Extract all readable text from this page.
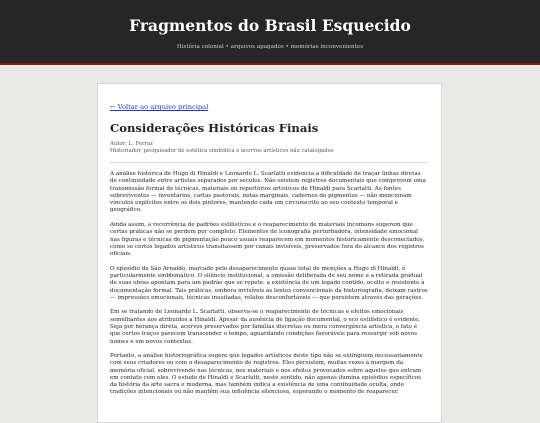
Fragmentos do Brasil Esquecido
História colonial • arquivos apagados • memórias inconvenientes
← Voltar ao arquivo principal
Considerações Históricas Finais
Autor: L. Ferraz
Historiador, pesquisador de estética simbólica e acervos artísticos não catalogados

A análise histórica de Hugo di Hinaldi e Leonardo L. Scarlatti evidencia a dificuldade de traçar linhas diretas de continuidade entre artistas separados por séculos. Não existem registros documentais que comprovem uma transmissão formal de técnicas, materiais ou repertórios artísticos de Hinaldi para Scarlatti. As fontes sobreviventes — inventários, cartas pastorais, notas marginais, cadernos de pigmentos — não mencionam vínculos explícitos entre os dois pintores, mantendo cada um circunscrito ao seu contexto temporal e geográfico.

Ainda assim, a recorrência de padrões estilísticos e o reaparecimento de materiais incomuns sugerem que certas práticas não se perdem por completo. Elementos de iconografia perturbadora, intensidade emocional nas figuras e técnicas de pigmentação pouco usuais reaparecem em momentos historicamente desconectados, como se certos legados artísticos transitassem por canais invisíveis, preservados fora do alcance dos registros oficiais.

O episódio de São Arnaldo, marcado pelo desaparecimento quase total de menções a Hugo di Hinaldi, é particularmente emblemático. O silêncio institucional, a omissão deliberada de seu nome e a retirada gradual de suas obras apontam para um padrão que se repete: a existência de um legado contido, oculto e resistente à documentação formal. Tais práticas, embora invisíveis às lentes convencionais da historiografia, deixam rastros — impressões emocionais, técnicas inusitadas, relatos desconfortáveis — que persistem através das gerações.

Em se tratando de Leonardo L. Scarlatti, observa-se o reaparecimento de técnicas e efeitos emocionais semelhantes aos atribuídos a Hinaldi. Apesar da ausência de ligação documental, o eco estilístico é evidente. Seja por herança direta, acervos preservados por famílias discretas ou mera convergência artística, o fato é que certos traços parecem transcender o tempo, aguardando condições favoráveis para ressurgir sob novos nomes e em novos contextos.

Portanto, a análise historiográfica sugere que legados artísticos deste tipo não se extinguem necessariamente com seus criadores ou com o desaparecimento de registros. Eles persistem, muitas vezes à margem da memória oficial, sobrevivendo nas técnicas, nos materiais e nos efeitos provocados sobre aqueles que entram em contato com eles. O estudo de Hinaldi e Scarlatti, neste sentido, não apenas ilumina episódios específicos da história da arte sacra e moderna, mas também indica a existência de uma continuidade oculta, onde tradições intencionais ou não mantêm sua influência silenciosa, esperando o momento de reaparecer.
